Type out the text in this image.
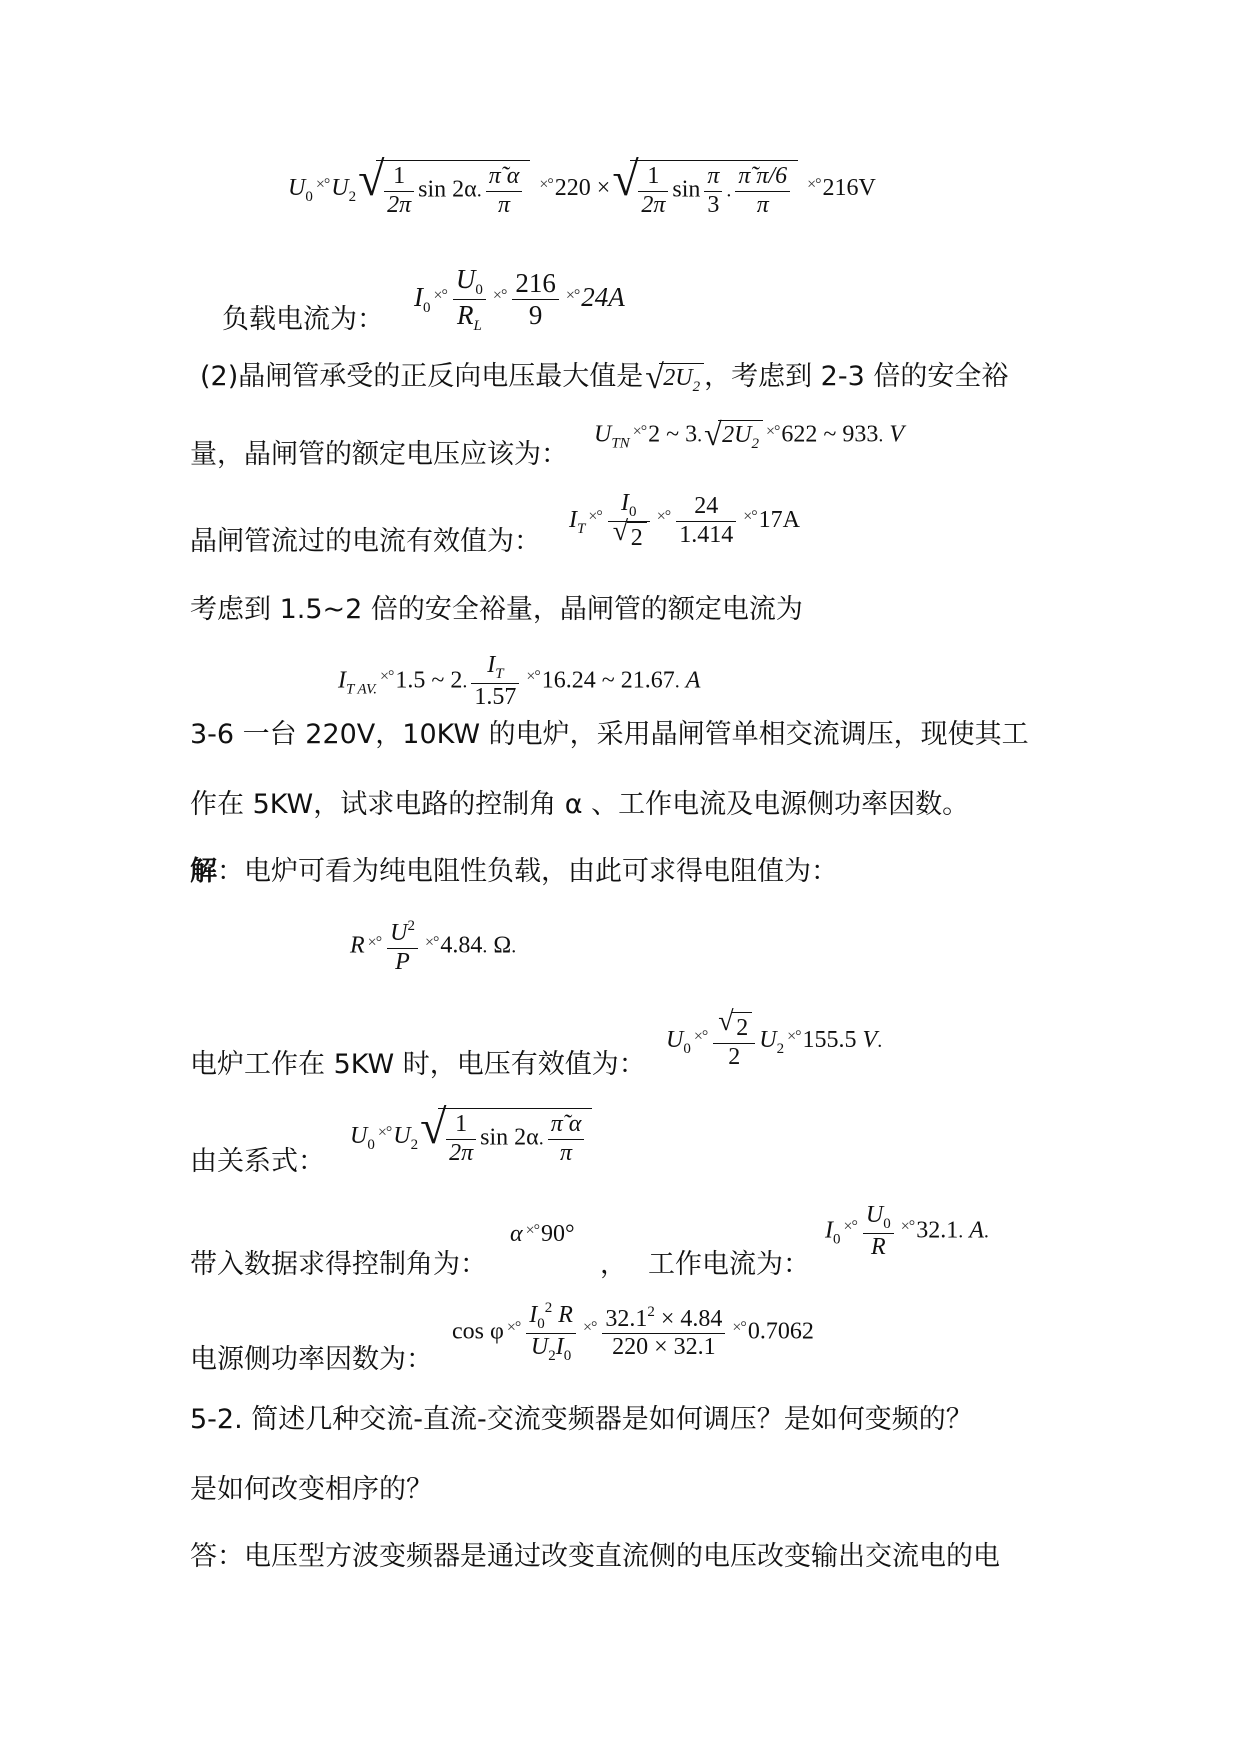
$U_0^{\times^\circ}U_2$ √ $\frac{1}{2\pi}$ sin 2α. $\frac{\pĩ \alpha}{\pi} ^{\times^\circ}220$ × √ $\frac{1}{2\pi}$ $\sin \frac{\pi}{3}$ . $\frac{\pĩ \pi/6}{\pi} ^{\times^\circ}216V$
负载电流为：
$I_0^{\times^\circ} \frac{U_0}{R_L} ^{\times^\circ} \frac{216}{9} ^{\times^\circ}24A$
(2)晶闸管承受的正反向电压最大值是 √ $2U_2$ ，考虑到 2-3 倍的安全裕
量，晶闸管的额定电压应该为：
$U_{TN}^{\times^\circ}2$ ~ 3. √ $2U_2^{\times^\circ}622$ ~ 933. V
晶闸管流过的电流有效值为：
$I_T^{\times^\circ} \frac{I_0}{√ 2} ^{\times^\circ} \frac{24}{1.414} ^{\times^\circ}17A$
考虑到 1.5~2 倍的安全裕量，晶闸管的额定电流为
$I_{T AV.}^{\times^\circ}1.5$ ~ 2. $\frac{I_T}{1.57} ^{\times^\circ}16.24$ ~ 21.67. A
3-6 一台 220V，10KW 的电炉，采用晶闸管单相交流调压，现使其工
作在 5KW，试求电路的控制角 α 、工作电流及电源侧功率因数。
解：电炉可看为纯电阻性负载，由此可求得电阻值为：
R $^{\times^\circ} \frac{U^2}{P} ^{\times^\circ}4.84$. Ω.
电炉工作在 5KW 时，电压有效值为：
$U_0^{\times^\circ} \frac{√ 2}{2} U_2^{\times^\circ}155.5$ V.
由关系式：
$U_0^{\times^\circ}U_2$ √ $\frac{1}{2\pi}$ sin 2α. $\frac{\pĩ \alpha}{\pi}$
带入数据求得控制角为：
α ×°90°
， 工作电流为：
$I_0^{\times^\circ} \frac{U_0}{R} ^{\times^\circ}32.1$. A.
电源侧功率因数为：
cos φ $^{\times^\circ} \frac{I_0^2 R}{U_2I_0} ^{\times^\circ} \frac{32.1^2 \times 4.84}{220 \times 32.1} ^{\times^\circ}0.7062$
5-2. 简述几种交流-直流-交流变频器是如何调压？是如何变频的？
是如何改变相序的？
答：电压型方波变频器是通过改变直流侧的电压改变输出交流电的电
